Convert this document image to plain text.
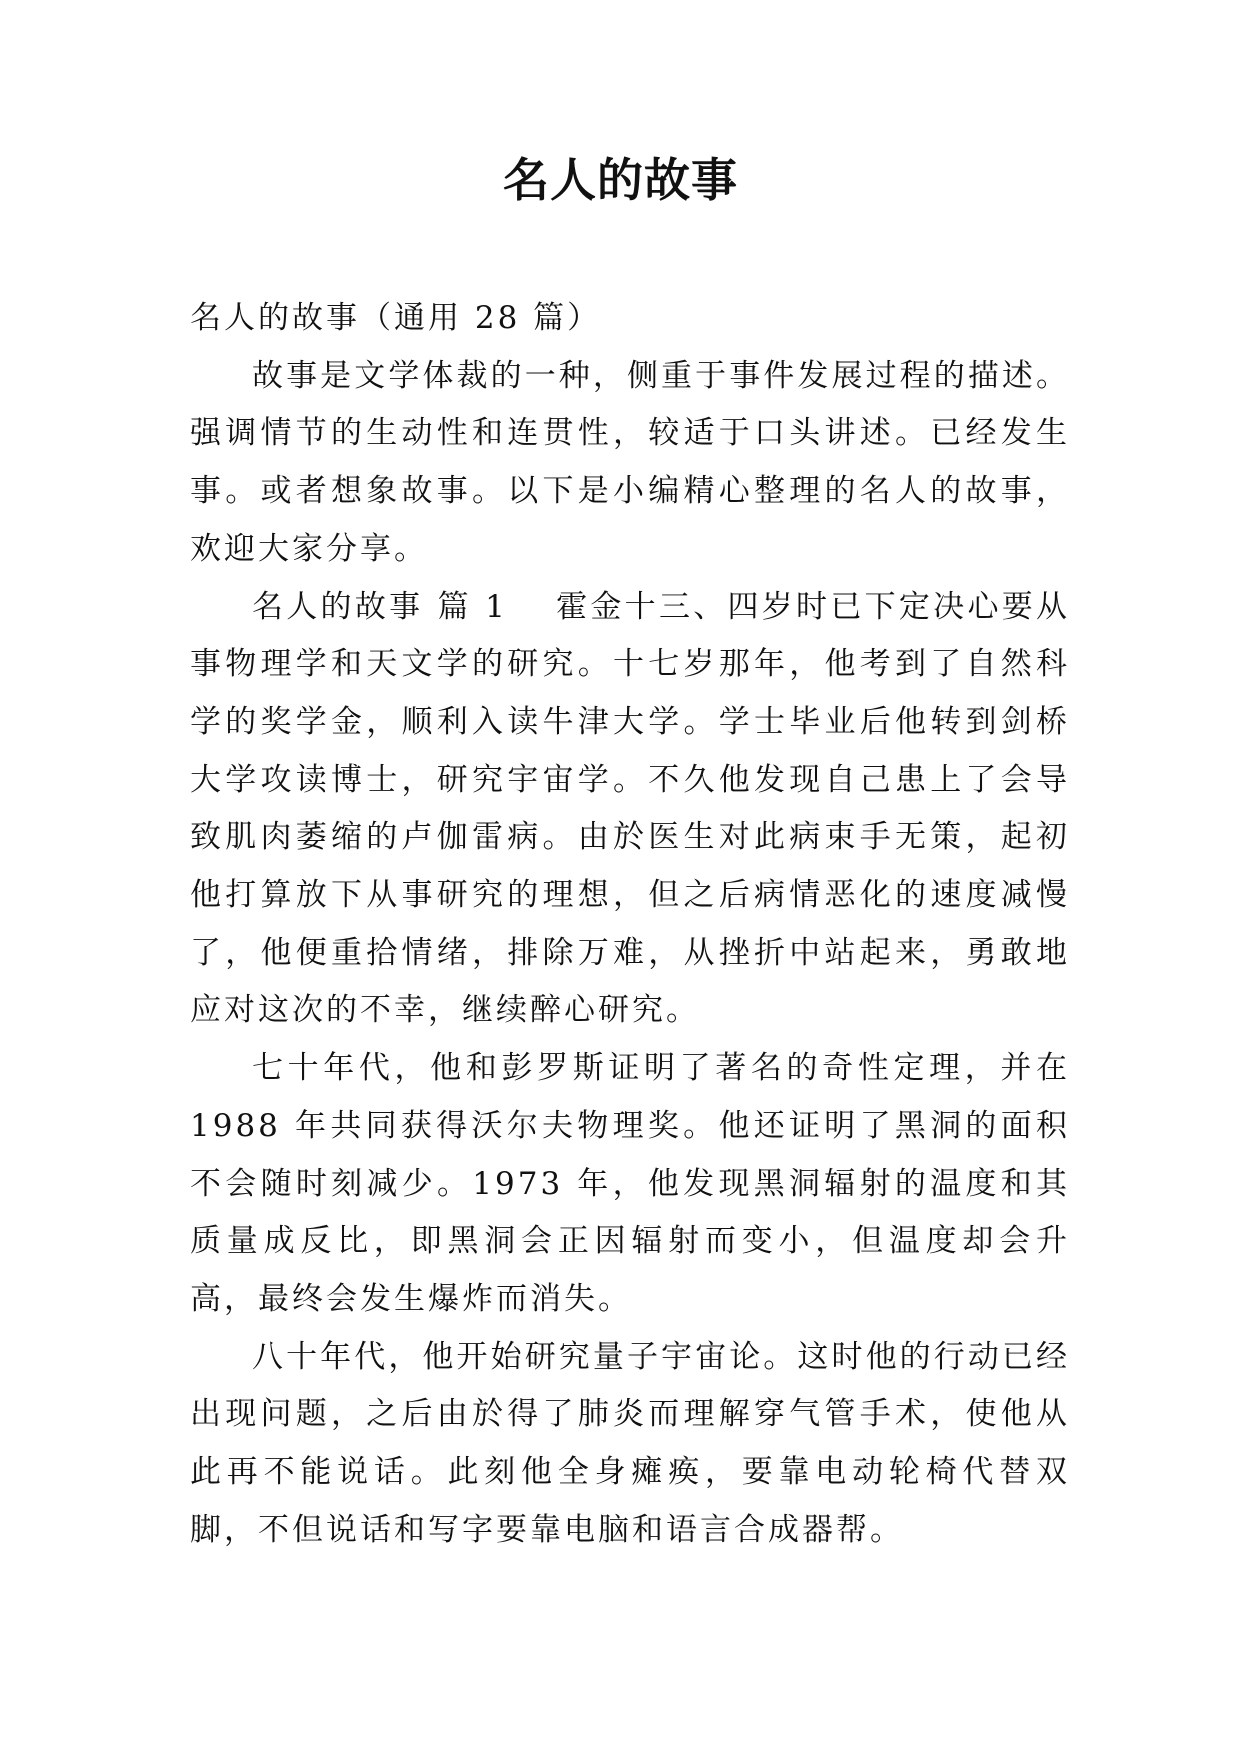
名人的故事

名人的故事（通用 28 篇）

故事是文学体裁的一种，侧重于事件发展过程的描述。强调情节的生动性和连贯性，较适于口头讲述。已经发生事。或者想象故事。以下是小编精心整理的名人的故事，欢迎大家分享。

名人的故事 篇 1 霍金十三、四岁时已下定决心要从事物理学和天文学的研究。十七岁那年，他考到了自然科学的奖学金，顺利入读牛津大学。学士毕业后他转到剑桥大学攻读博士，研究宇宙学。不久他发现自己患上了会导致肌肉萎缩的卢伽雷病。由於医生对此病束手无策，起初他打算放下从事研究的理想，但之后病情恶化的速度减慢了，他便重拾情绪，排除万难，从挫折中站起来，勇敢地应对这次的不幸，继续醉心研究。

七十年代，他和彭罗斯证明了著名的奇性定理，并在 1988 年共同获得沃尔夫物理奖。他还证明了黑洞的面积不会随时刻减少。1973 年，他发现黑洞辐射的温度和其质量成反比，即黑洞会正因辐射而变小，但温度却会升高，最终会发生爆炸而消失。

八十年代，他开始研究量子宇宙论。这时他的行动已经出现问题，之后由於得了肺炎而理解穿气管手术，使他从此再不能说话。此刻他全身瘫痪，要靠电动轮椅代替双脚，不但说话和写字要靠电脑和语言合成器帮。
